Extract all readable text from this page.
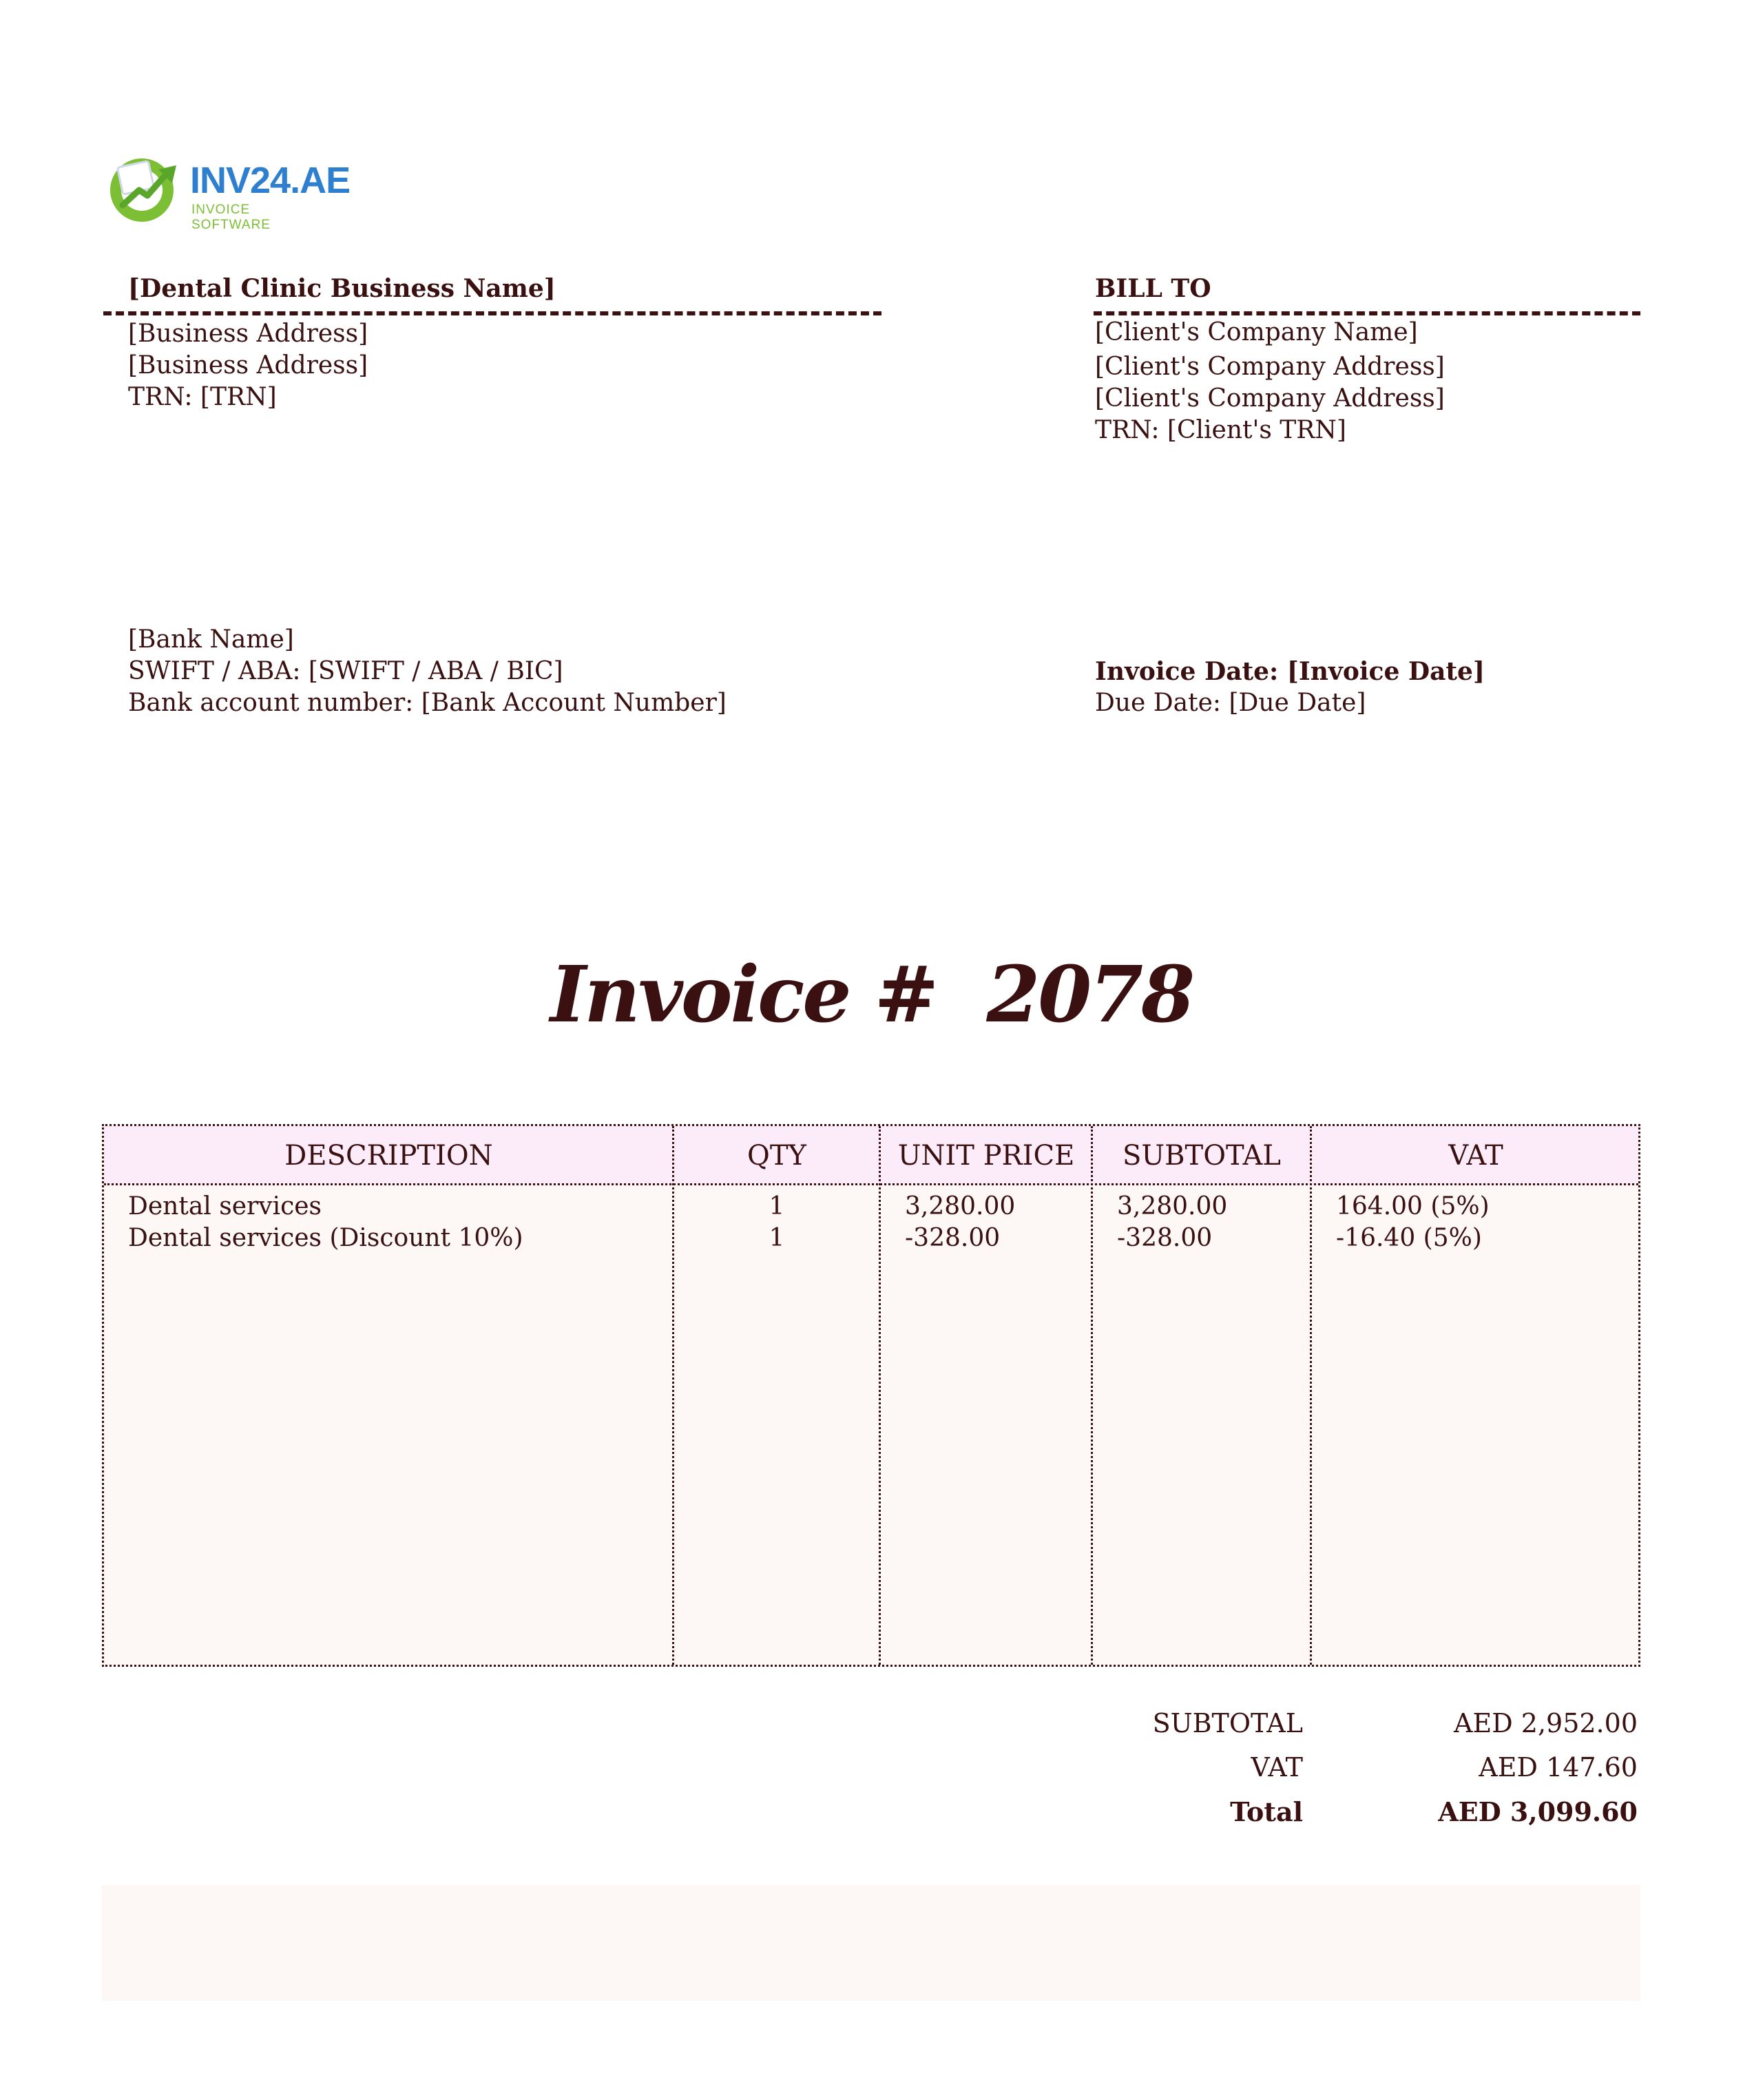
INV24.AE
INVOICE SOFTWARE
[Dental Clinic Business Name]
[Business Address]
[Business Address]
TRN: [TRN]
BILL TO
[Client's Company Name]
[Client's Company Address]
[Client's Company Address]
TRN: [Client's TRN]
[Bank Name]
SWIFT / ABA: [SWIFT / ABA / BIC]
Bank account number: [Bank Account Number]
Invoice Date: [Invoice Date]
Due Date: [Due Date]
Invoice #  2078
DESCRIPTION	QTY	UNIT PRICE	SUBTOTAL	VAT
Dental services	1	3,280.00	3,280.00	164.00 (5%)
Dental services (Discount 10%)	1	-328.00	-328.00	-16.40 (5%)
SUBTOTAL	AED 2,952.00
VAT	AED 147.60
Total	AED 3,099.60
